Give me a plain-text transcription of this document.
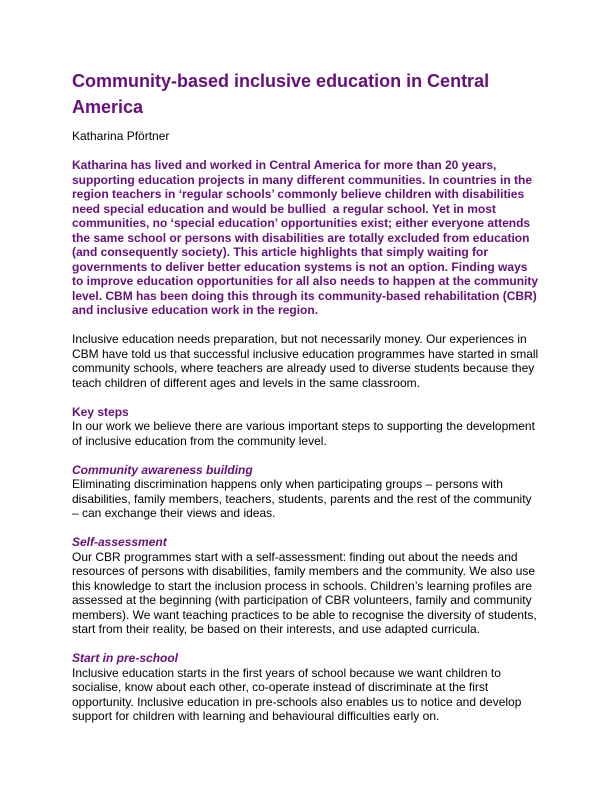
Community-based inclusive education in Central America
Katharina Pförtner

Katharina has lived and worked in Central America for more than 20 years, supporting education projects in many different communities. In countries in the region teachers in ‘regular schools’ commonly believe children with disabilities need special education and would be bullied  a regular school. Yet in most communities, no ‘special education’ opportunities exist; either everyone attends the same school or persons with disabilities are totally excluded from education (and consequently society). This article highlights that simply waiting for governments to deliver better education systems is not an option. Finding ways to improve education opportunities for all also needs to happen at the community level. CBM has been doing this through its community-based rehabilitation (CBR) and inclusive education work in the region.

Inclusive education needs preparation, but not necessarily money. Our experiences in CBM have told us that successful inclusive education programmes have started in small community schools, where teachers are already used to diverse students because they teach children of different ages and levels in the same classroom.

Key steps

In our work we believe there are various important steps to supporting the development of inclusive education from the community level.

Community awareness building

Eliminating discrimination happens only when participating groups – persons with disabilities, family members, teachers, students, parents and the rest of the community – can exchange their views and ideas.

Self-assessment

Our CBR programmes start with a self-assessment: finding out about the needs and resources of persons with disabilities, family members and the community. We also use this knowledge to start the inclusion process in schools. Children’s learning profiles are assessed at the beginning (with participation of CBR volunteers, family and community members). We want teaching practices to be able to recognise the diversity of students, start from their reality, be based on their interests, and use adapted curricula.

Start in pre-school

Inclusive education starts in the first years of school because we want children to socialise, know about each other, co-operate instead of discriminate at the first opportunity. Inclusive education in pre-schools also enables us to notice and develop support for children with learning and behavioural difficulties early on.
